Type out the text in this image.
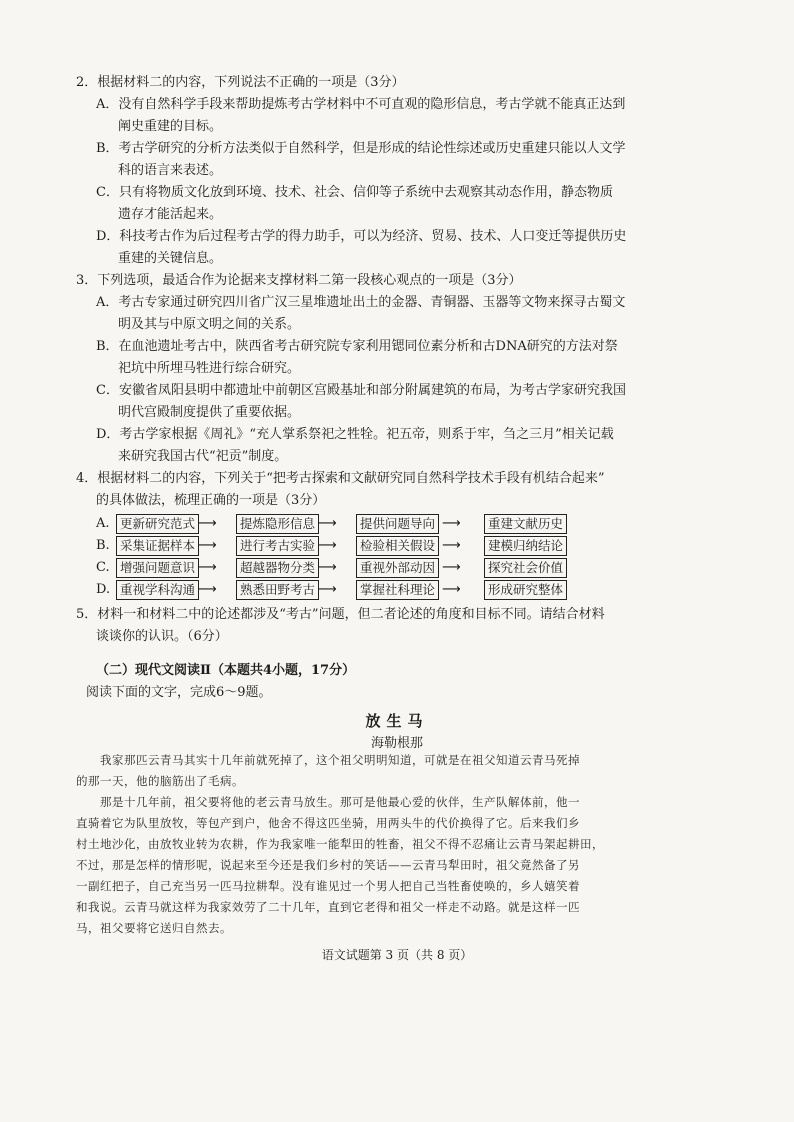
2．根据材料二的内容，下列说法不正确的一项是（3分）
A．没有自然科学手段来帮助提炼考古学材料中不可直观的隐形信息，考古学就不能真正达到
阐史重建的目标。
B．考古学研究的分析方法类似于自然科学，但是形成的结论性综述或历史重建只能以人文学
科的语言来表述。
C．只有将物质文化放到环境、技术、社会、信仰等子系统中去观察其动态作用，静态物质
遗存才能活起来。
D．科技考古作为后过程考古学的得力助手，可以为经济、贸易、技术、人口变迁等提供历史
重建的关键信息。
3．下列选项，最适合作为论据来支撑材料二第一段核心观点的一项是（3分）
A．考古专家通过研究四川省广汉三星堆遗址出土的金器、青铜器、玉器等文物来探寻古蜀文
明及其与中原文明之间的关系。
B．在血池遗址考古中，陕西省考古研究院专家利用锶同位素分析和古DNA研究的方法对祭
祀坑中所埋马牲进行综合研究。
C．安徽省凤阳县明中都遗址中前朝区宫殿基址和部分附属建筑的布局，为考古学家研究我国
明代宫殿制度提供了重要依据。
D．考古学家根据《周礼》“充人掌系祭祀之牲牷。祀五帝，则系于牢，刍之三月”相关记载
来研究我国古代“祀贡”制度。
4．根据材料二的内容，下列关于“把考古探索和文献研究同自然科学技术手段有机结合起来”
的具体做法，梳理正确的一项是（3分）
A. 更新研究范式 ⟶	提炼隐形信息 ⟶	提供问题导向 ⟶	重建文献历史
B. 采集证据样本 ⟶	进行考古实验 ⟶	检验相关假设 ⟶	建模归纳结论
C. 增强问题意识 ⟶	超越器物分类 ⟶	重视外部动因 ⟶	探究社会价值
D. 重视学科沟通 ⟶	熟悉田野考古 ⟶	掌握社科理论 ⟶	形成研究整体
5．材料一和材料二中的论述都涉及“考古”问题，但二者论述的角度和目标不同。请结合材料
谈谈你的认识。（6分）
（二）现代文阅读Ⅱ（本题共4小题，17分）
阅读下面的文字，完成6～9题。
放生马
海勒根那
我家那匹云青马其实十几年前就死掉了，这个祖父明明知道，可就是在祖父知道云青马死掉
的那一天，他的脑筋出了毛病。
那是十几年前，祖父要将他的老云青马放生。那可是他最心爱的伙伴，生产队解体前，他一
直骑着它为队里放牧，等包产到户，他舍不得这匹坐骑，用两头牛的代价换得了它。后来我们乡
村土地沙化，由放牧业转为农耕，作为我家唯一能犁田的牲畜，祖父不得不忍痛让云青马架起耕田，
不过，那是怎样的情形呢，说起来至今还是我们乡村的笑话——云青马犁田时，祖父竟然备了另
一副红把子，自己充当另一匹马拉耕犁。没有谁见过一个男人把自己当牲畜使唤的，乡人嬉笑着
和我说。云青马就这样为我家效劳了二十几年，直到它老得和祖父一样走不动路。就是这样一匹
马，祖父要将它送归自然去。
语文试题第 3 页（共 8 页）
